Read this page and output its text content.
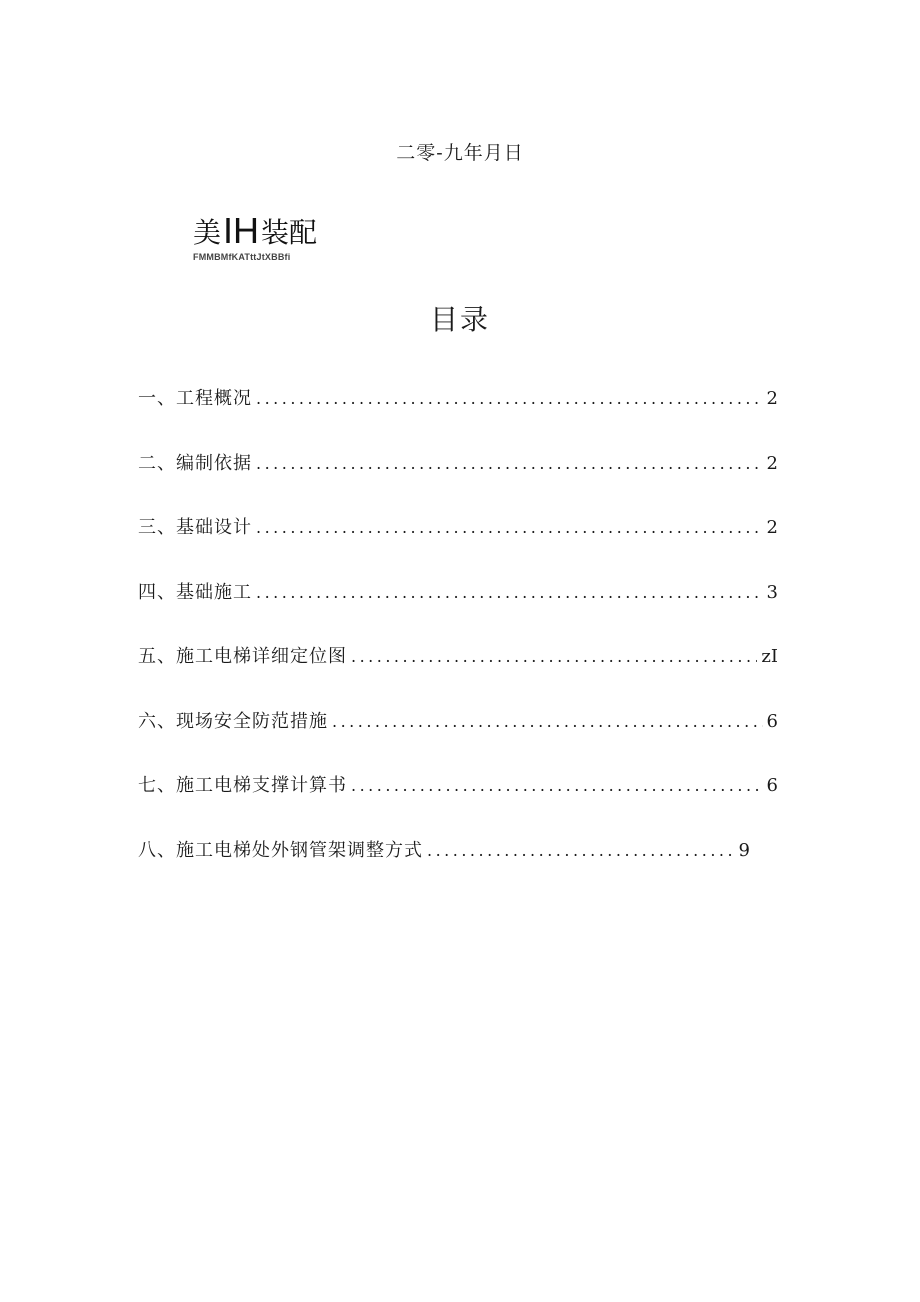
二零-九年月日
美IH装配
FMMBMfKATttJtXBBfi
目录
一、工程概况 .....	2
二、编制依据 .....	2
三、基础设计 .....	2
四、基础施工 .....	3
五、施工电梯详细定位图 .....	zI
六、现场安全防范措施 .....	6
七、施工电梯支撑计算书 .....	6
八、施工电梯处外钢管架调整方式 .....	9
